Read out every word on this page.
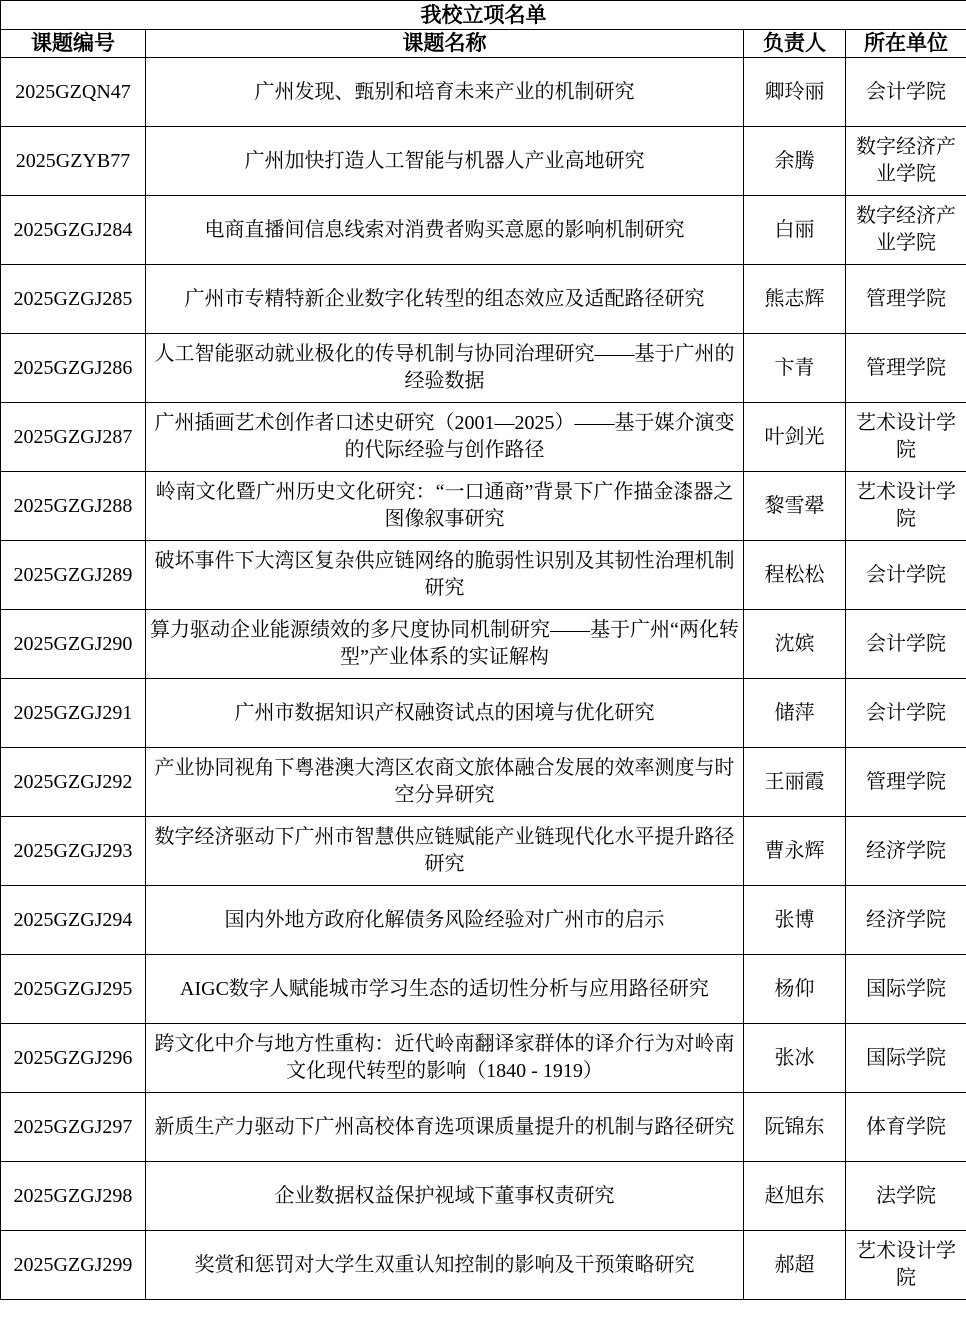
我校立项名单			
课题编号	课题名称	负责人	所在单位
2025GZQN47	广州发现、甄别和培育未来产业的机制研究	卿玲丽	会计学院
2025GZYB77	广州加快打造人工智能与机器人产业高地研究	余腾	数字经济产业学院
2025GZGJ284	电商直播间信息线索对消费者购买意愿的影响机制研究	白丽	数字经济产业学院
2025GZGJ285	广州市专精特新企业数字化转型的组态效应及适配路径研究	熊志辉	管理学院
2025GZGJ286	人工智能驱动就业极化的传导机制与协同治理研究——基于广州的经验数据	卞青	管理学院
2025GZGJ287	广州插画艺术创作者口述史研究（2001—2025）——基于媒介演变的代际经验与创作路径	叶剑光	艺术设计学院
2025GZGJ288	岭南文化暨广州历史文化研究：“一口通商”背景下广作描金漆器之图像叙事研究	黎雪翚	艺术设计学院
2025GZGJ289	破坏事件下大湾区复杂供应链网络的脆弱性识别及其韧性治理机制研究	程松松	会计学院
2025GZGJ290	算力驱动企业能源绩效的多尺度协同机制研究——基于广州“两化转型”产业体系的实证解构	沈嫔	会计学院
2025GZGJ291	广州市数据知识产权融资试点的困境与优化研究	储萍	会计学院
2025GZGJ292	产业协同视角下粤港澳大湾区农商文旅体融合发展的效率测度与时空分异研究	王丽霞	管理学院
2025GZGJ293	数字经济驱动下广州市智慧供应链赋能产业链现代化水平提升路径研究	曹永辉	经济学院
2025GZGJ294	国内外地方政府化解债务风险经验对广州市的启示	张博	经济学院
2025GZGJ295	AIGC数字人赋能城市学习生态的适切性分析与应用路径研究	杨仰	国际学院
2025GZGJ296	跨文化中介与地方性重构：近代岭南翻译家群体的译介行为对岭南文化现代转型的影响（1840 - 1919）	张冰	国际学院
2025GZGJ297	新质生产力驱动下广州高校体育选项课质量提升的机制与路径研究	阮锦东	体育学院
2025GZGJ298	企业数据权益保护视域下董事权责研究	赵旭东	法学院
2025GZGJ299	奖赏和惩罚对大学生双重认知控制的影响及干预策略研究	郝超	艺术设计学院
